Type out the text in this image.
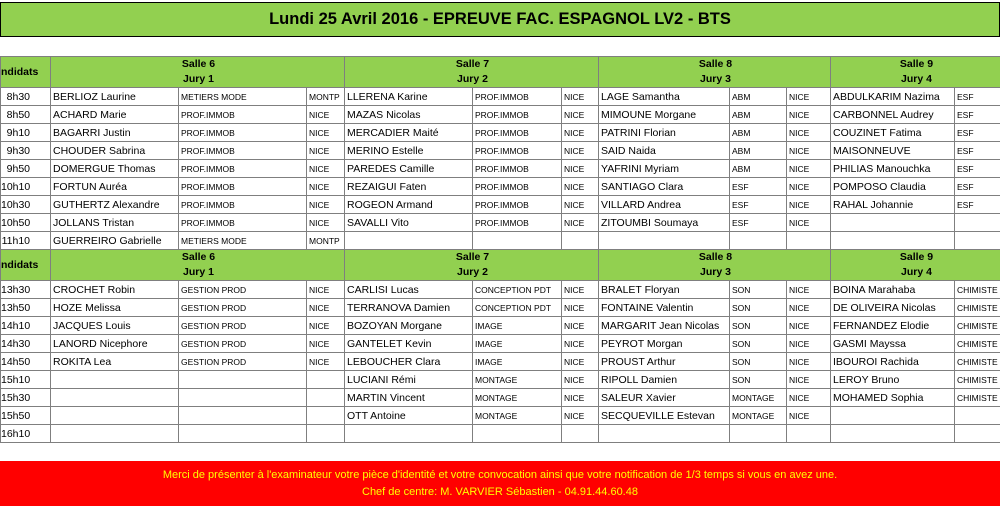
Lundi 25 Avril 2016 - EPREUVE FAC. ESPAGNOL LV2 - BTS
ndidats	Salle 6			Salle 7			Salle 8			Salle 9	
	Jury 1			Jury 2			Jury 3			Jury 4	
8h30	BERLIOZ Laurine	METIERS MODE	MONTP	LLERENA Karine	PROF.IMMOB	NICE	LAGE Samantha	ABM	NICE	ABDULKARIM Nazima	ESF
8h50	ACHARD Marie	PROF.IMMOB	NICE	MAZAS Nicolas	PROF.IMMOB	NICE	MIMOUNE Morgane	ABM	NICE	CARBONNEL Audrey	ESF
9h10	BAGARRI Justin	PROF.IMMOB	NICE	MERCADIER Maité	PROF.IMMOB	NICE	PATRINI Florian	ABM	NICE	COUZINET Fatima	ESF
9h30	CHOUDER Sabrina	PROF.IMMOB	NICE	MERINO Estelle	PROF.IMMOB	NICE	SAID Naida	ABM	NICE	MAISONNEUVE	ESF
9h50	DOMERGUE Thomas	PROF.IMMOB	NICE	PAREDES Camille	PROF.IMMOB	NICE	YAFRINI Myriam	ABM	NICE	PHILIAS Manouchka	ESF
10h10	FORTUN Auréa	PROF.IMMOB	NICE	REZAIGUI Faten	PROF.IMMOB	NICE	SANTIAGO Clara	ESF	NICE	POMPOSO Claudia	ESF
10h30	GUTHERTZ Alexandre	PROF.IMMOB	NICE	ROGEON Armand	PROF.IMMOB	NICE	VILLARD Andrea	ESF	NICE	RAHAL Johannie	ESF
10h50	JOLLANS Tristan	PROF.IMMOB	NICE	SAVALLI Vito	PROF.IMMOB	NICE	ZITOUMBI Soumaya	ESF	NICE		
11h10	GUERREIRO Gabrielle	METIERS MODE	MONTP								
ndidats	Salle 6			Salle 7			Salle 8			Salle 9	
	Jury 1			Jury 2			Jury 3			Jury 4	
13h30	CROCHET Robin	GESTION PROD	NICE	CARLISI Lucas	CONCEPTION PDT	NICE	BRALET Floryan	SON	NICE	BOINA Marahaba	CHIMISTE
13h50	HOZE Melissa	GESTION PROD	NICE	TERRANOVA Damien	CONCEPTION PDT	NICE	FONTAINE Valentin	SON	NICE	DE OLIVEIRA Nicolas	CHIMISTE
14h10	JACQUES Louis	GESTION PROD	NICE	BOZOYAN Morgane	IMAGE	NICE	MARGARIT Jean Nicolas	SON	NICE	FERNANDEZ Elodie	CHIMISTE
14h30	LANORD Nicephore	GESTION PROD	NICE	GANTELET Kevin	IMAGE	NICE	PEYROT Morgan	SON	NICE	GASMI Mayssa	CHIMISTE
14h50	ROKITA Lea	GESTION PROD	NICE	LEBOUCHER Clara	IMAGE	NICE	PROUST Arthur	SON	NICE	IBOUROI Rachida	CHIMISTE
15h10				LUCIANI Rémi	MONTAGE	NICE	RIPOLL Damien	SON	NICE	LEROY Bruno	CHIMISTE
15h30				MARTIN Vincent	MONTAGE	NICE	SALEUR Xavier	MONTAGE	NICE	MOHAMED Sophia	CHIMISTE
15h50				OTT Antoine	MONTAGE	NICE	SECQUEVILLE Estevan	MONTAGE	NICE		
16h10											
Merci de présenter à l'examinateur votre pièce d'identité et votre convocation ainsi que votre notification de 1/3 temps si vous en avez une.
Chef de centre: M. VARVIER Sébastien - 04.91.44.60.48
